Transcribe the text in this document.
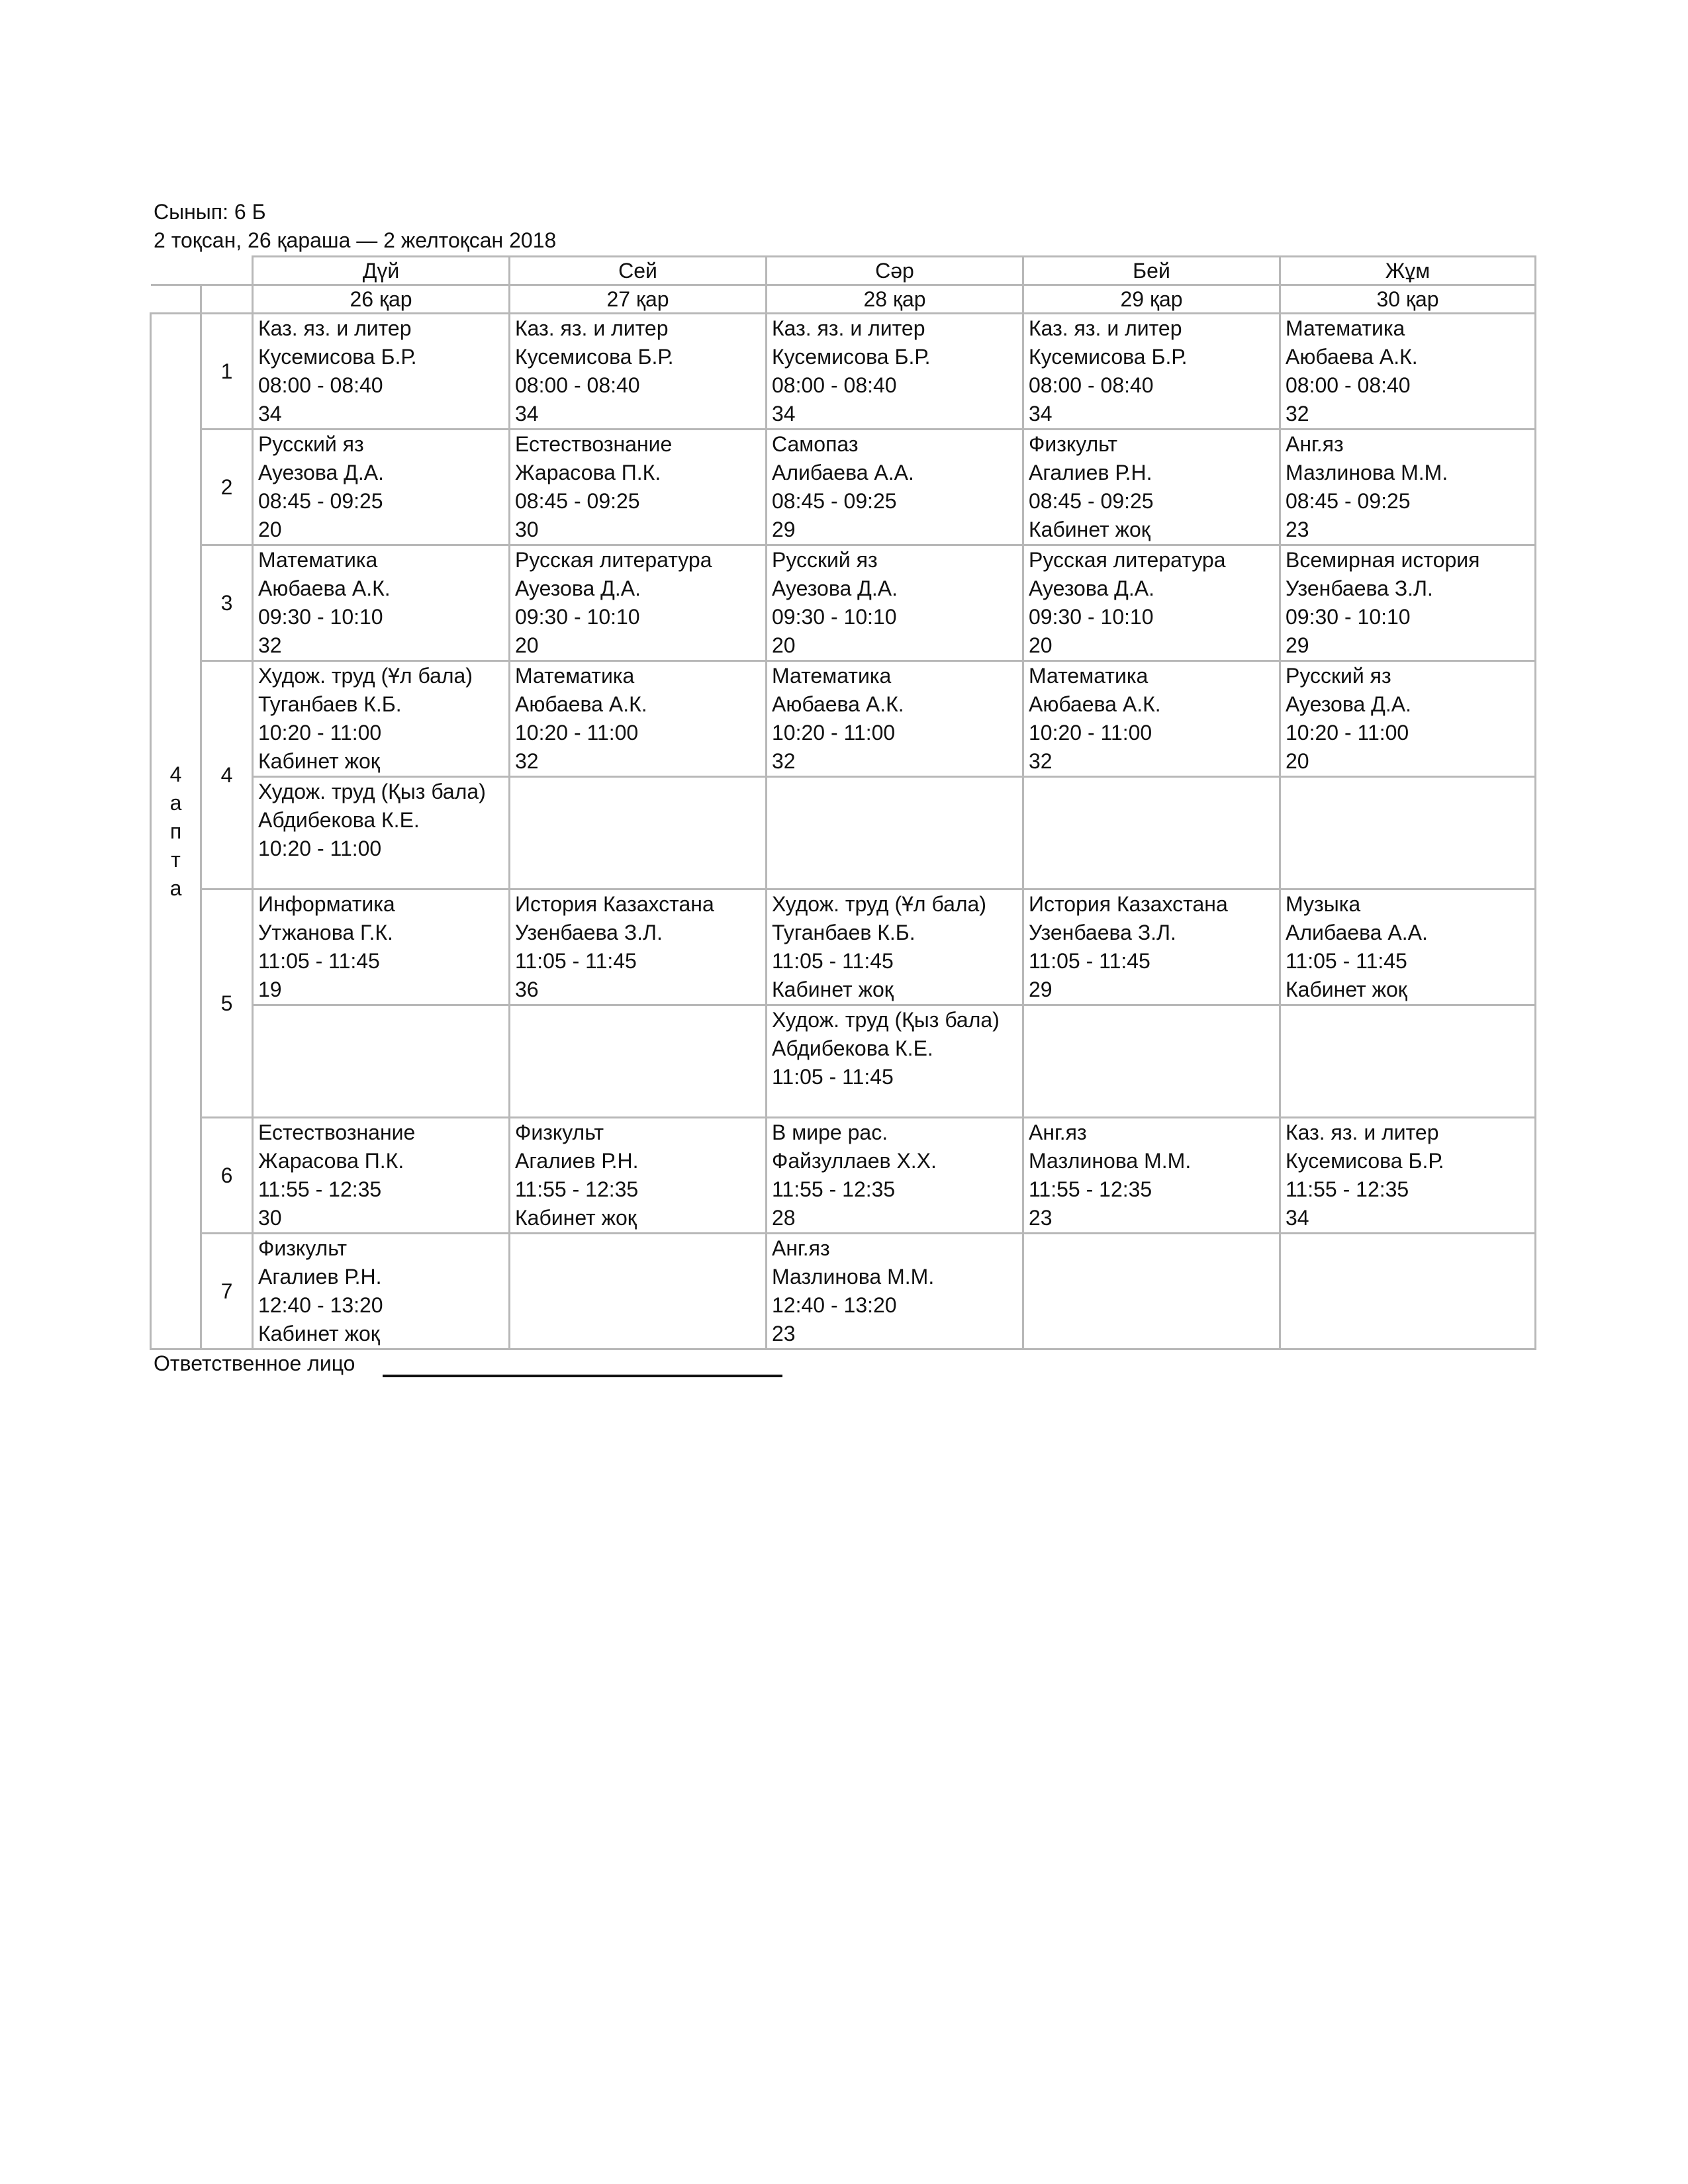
Сынып: 6 Б
2 тоқсан, 26 қараша — 2 желтоқсан 2018
		Дүй	Сей	Сәр	Бей	Жұм
		26 қар	27 қар	28 қар	29 қар	30 қар
4 апта	1	Каз. яз. и литер
Кусемисова Б.Р.
08:00 - 08:40
34	Каз. яз. и литер
Кусемисова Б.Р.
08:00 - 08:40
34	Каз. яз. и литер
Кусемисова Б.Р.
08:00 - 08:40
34	Каз. яз. и литер
Кусемисова Б.Р.
08:00 - 08:40
34	Математика
Аюбаева А.К.
08:00 - 08:40
32

	2	Русский яз
Ауезова Д.А.
08:45 - 09:25
20	Естествознание
Жарасова П.К.
08:45 - 09:25
30	Самопаз
Алибаева А.А.
08:45 - 09:25
29	Физкульт
Агалиев Р.Н.
08:45 - 09:25
Кабинет жоқ	Анг.яз
Мазлинова М.М.
08:45 - 09:25
23

	3	Математика
Аюбаева А.К.
09:30 - 10:10
32	Русская литература
Ауезова Д.А.
09:30 - 10:10
20	Русский яз
Ауезова Д.А.
09:30 - 10:10
20	Русская литература
Ауезова Д.А.
09:30 - 10:10
20	Всемирная история
Узенбаева З.Л.
09:30 - 10:10
29

	4	Худож. труд (Ұл бала)
Туганбаев К.Б.
10:20 - 11:00
Кабинет жоқ	Математика
Аюбаева А.К.
10:20 - 11:00
32	Математика
Аюбаева А.К.
10:20 - 11:00
32	Математика
Аюбаева А.К.
10:20 - 11:00
32	Русский яз
Ауезова Д.А.
10:20 - 11:00
20

		Худож. труд (Қыз бала)
Абдибекова К.Е.
10:20 - 11:00				

	5	Информатика
Утжанова Г.К.
11:05 - 11:45
19	История Казахстана
Узенбаева З.Л.
11:05 - 11:45
36	Худож. труд (Ұл бала)
Туганбаев К.Б.
11:05 - 11:45
Кабинет жоқ	История Казахстана
Узенбаева З.Л.
11:05 - 11:45
29	Музыка
Алибаева А.А.
11:05 - 11:45
Кабинет жоқ

				Худож. труд (Қыз бала)
Абдибекова К.Е.
11:05 - 11:45		

	6	Естествознание
Жарасова П.К.
11:55 - 12:35
30	Физкульт
Агалиев Р.Н.
11:55 - 12:35
Кабинет жоқ	В мире рас.
Файзуллаев Х.Х.
11:55 - 12:35
28	Анг.яз
Мазлинова М.М.
11:55 - 12:35
23	Каз. яз. и литер
Кусемисова Б.Р.
11:55 - 12:35
34

	7	Физкульт
Агалиев Р.Н.
12:40 - 13:20
Кабинет жоқ		Анг.яз
Мазлинова М.М.
12:40 - 13:20
23		

Ответственное лицо
